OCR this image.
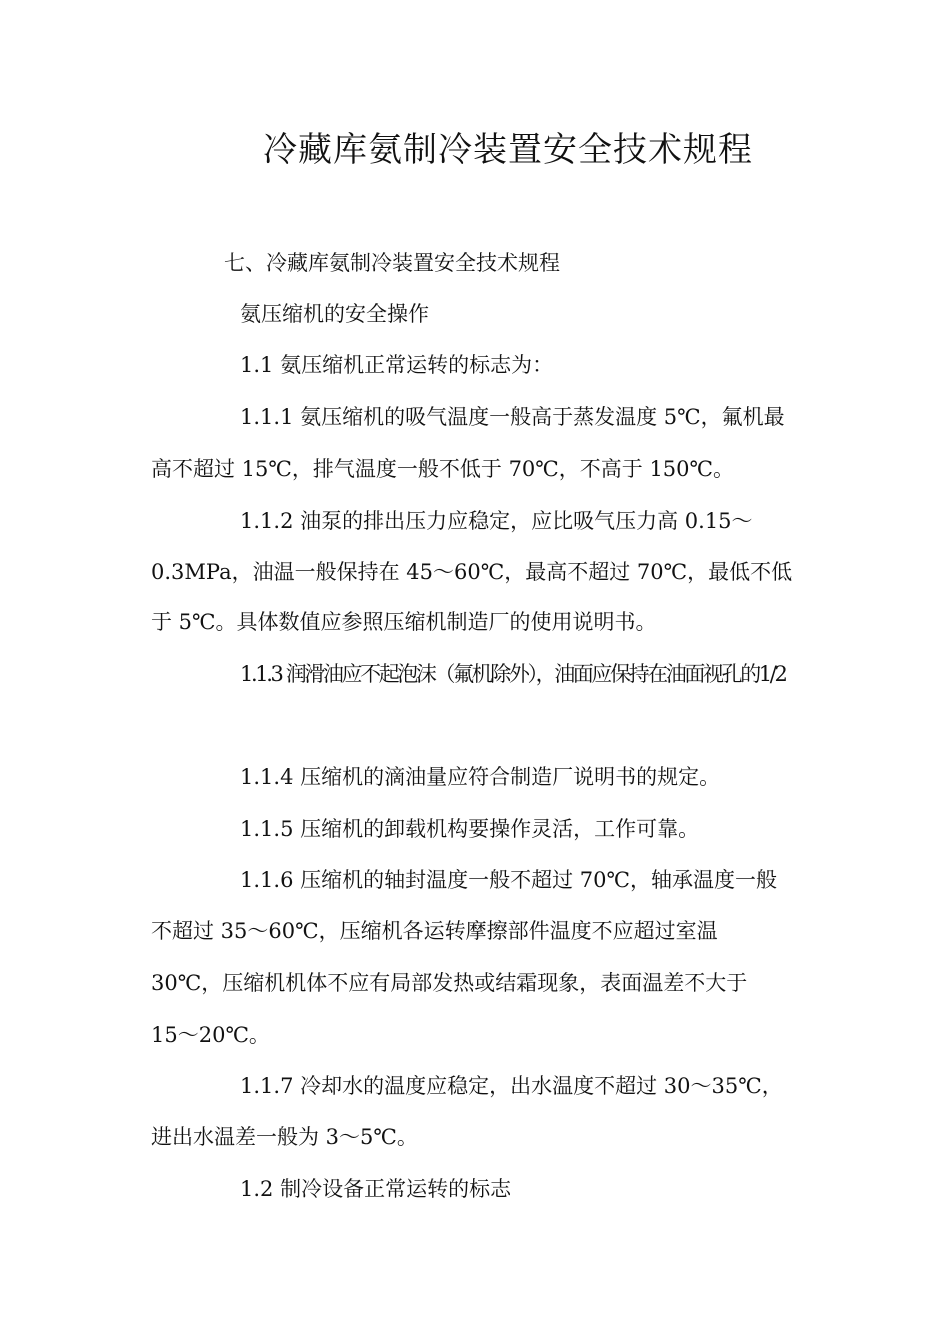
冷藏库氨制冷装置安全技术规程
七、冷藏库氨制冷装置安全技术规程
氨压缩机的安全操作
1.1 氨压缩机正常运转的标志为：
1.1.1 氨压缩机的吸气温度一般高于蒸发温度 5℃，氟机最
高不超过 15℃，排气温度一般不低于 70℃，不高于 150℃。
1.1.2 油泵的排出压力应稳定，应比吸气压力高 0.15～
0.3MPa，油温一般保持在 45～60℃，最高不超过 70℃，最低不低
于 5℃。具体数值应参照压缩机制造厂的使用说明书。
1.1.3 润滑油应不起泡沫（氟机除外），油面应保持在油面视孔的1/2
1.1.4 压缩机的滴油量应符合制造厂说明书的规定。
1.1.5 压缩机的卸载机构要操作灵活，工作可靠。
1.1.6 压缩机的轴封温度一般不超过 70℃，轴承温度一般
不超过 35～60℃，压缩机各运转摩擦部件温度不应超过室温
30℃，压缩机机体不应有局部发热或结霜现象，表面温差不大于
15～20℃。
1.1.7 冷却水的温度应稳定，出水温度不超过 30～35℃，
进出水温差一般为 3～5℃。
1.2 制冷设备正常运转的标志
